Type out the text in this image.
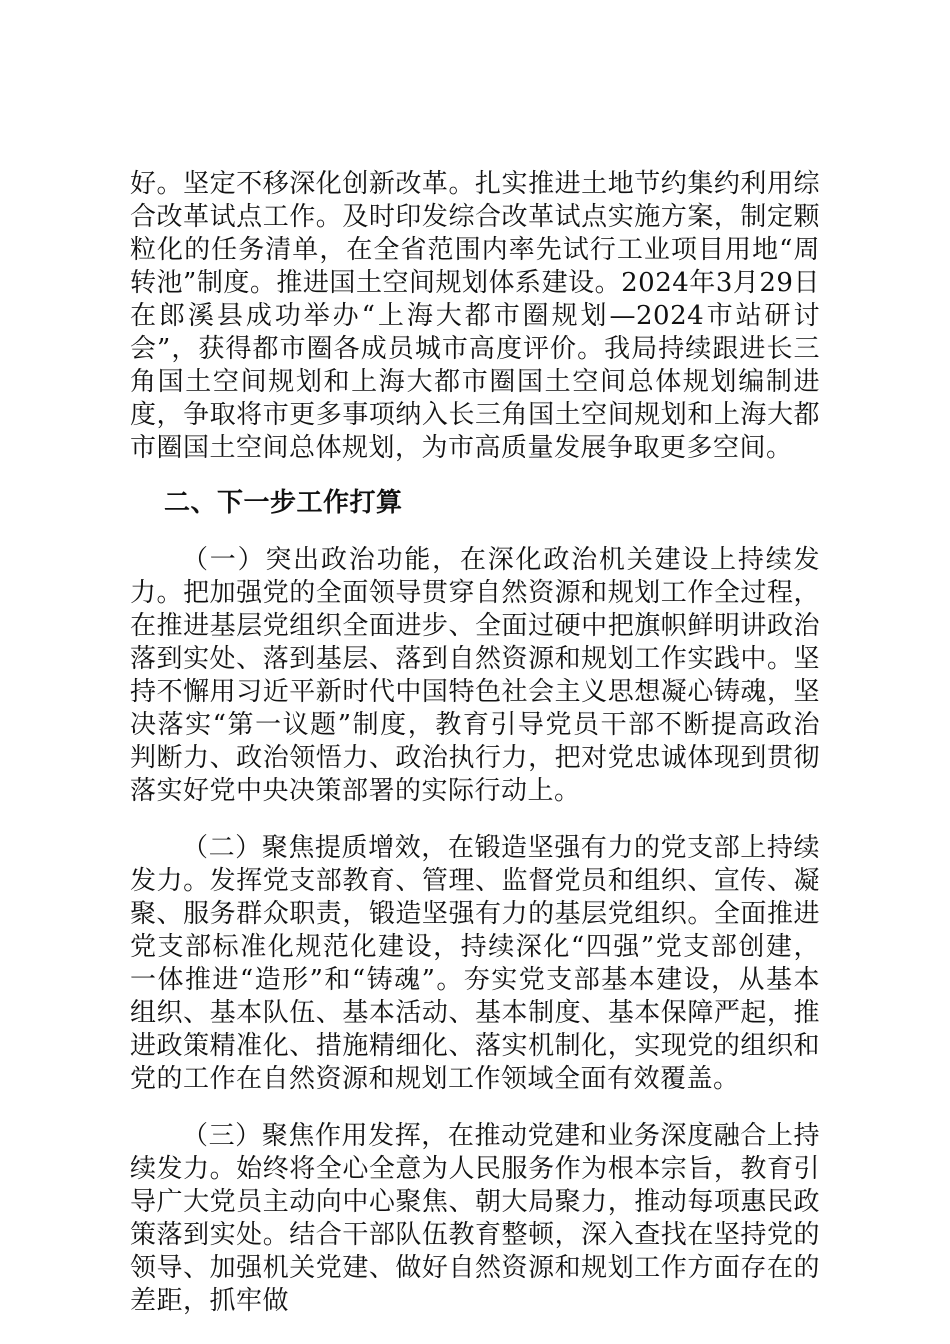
好。坚定不移深化创新改革。扎实推进土地节约集约利用综合改革试点工作。及时印发综合改革试点实施方案，制定颗粒化的任务清单，在全省范围内率先试行工业项目用地“周转池”制度。推进国土空间规划体系建设。2024年3月29日在郎溪县成功举办“上海大都市圈规划—2024市站研讨会”，获得都市圈各成员城市高度评价。我局持续跟进长三角国土空间规划和上海大都市圈国土空间总体规划编制进度，争取将市更多事项纳入长三角国土空间规划和上海大都市圈国土空间总体规划，为市高质量发展争取更多空间。

二、下一步工作打算

（一）突出政治功能，在深化政治机关建设上持续发力。把加强党的全面领导贯穿自然资源和规划工作全过程，在推进基层党组织全面进步、全面过硬中把旗帜鲜明讲政治落到实处、落到基层、落到自然资源和规划工作实践中。坚持不懈用习近平新时代中国特色社会主义思想凝心铸魂，坚决落实“第一议题”制度，教育引导党员干部不断提高政治判断力、政治领悟力、政治执行力，把对党忠诚体现到贯彻落实好党中央决策部署的实际行动上。

（二）聚焦提质增效，在锻造坚强有力的党支部上持续发力。发挥党支部教育、管理、监督党员和组织、宣传、凝聚、服务群众职责，锻造坚强有力的基层党组织。全面推进党支部标准化规范化建设，持续深化“四强”党支部创建，一体推进“造形”和“铸魂”。夯实党支部基本建设，从基本组织、基本队伍、基本活动、基本制度、基本保障严起，推进政策精准化、措施精细化、落实机制化，实现党的组织和党的工作在自然资源和规划工作领域全面有效覆盖。

（三）聚焦作用发挥，在推动党建和业务深度融合上持续发力。始终将全心全意为人民服务作为根本宗旨，教育引导广大党员主动向中心聚焦、朝大局聚力，推动每项惠民政策落到实处。结合干部队伍教育整顿，深入查找在坚持党的领导、加强机关党建、做好自然资源和规划工作方面存在的差距，抓牢做
